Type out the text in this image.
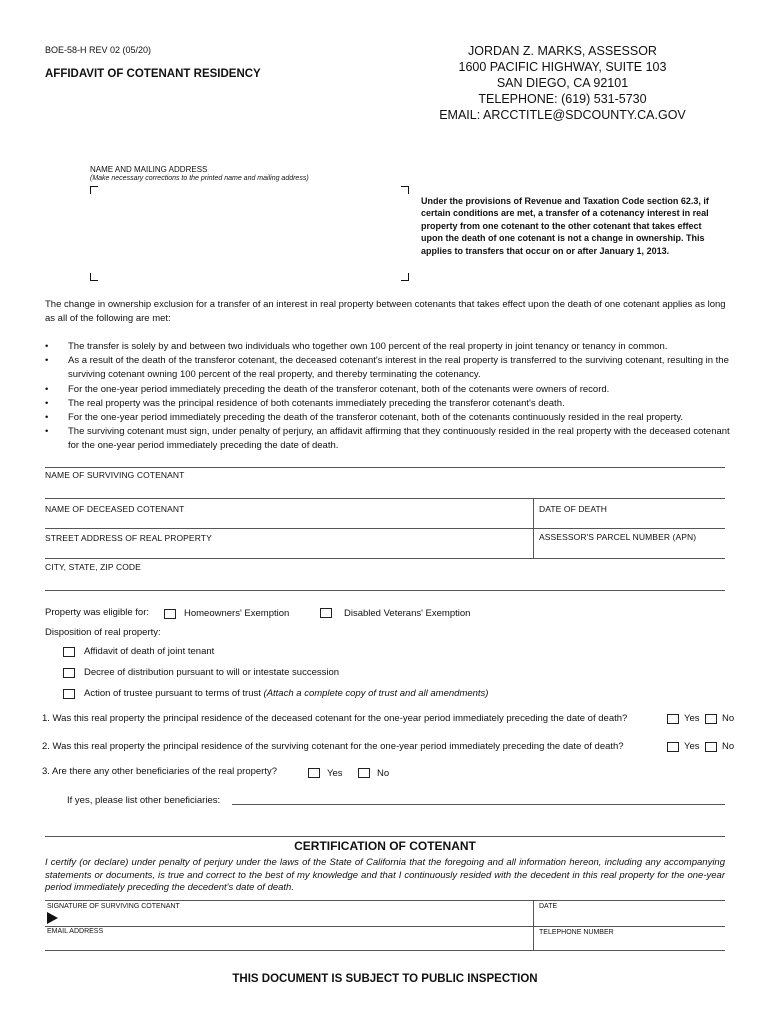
BOE-58-H REV 02 (05/20)
AFFIDAVIT OF COTENANT RESIDENCY
JORDAN Z. MARKS, ASSESSOR
1600 PACIFIC HIGHWAY, SUITE 103
SAN DIEGO, CA 92101
TELEPHONE: (619) 531-5730
EMAIL: ARCCTITLE@SDCOUNTY.CA.GOV
NAME AND MAILING ADDRESS
(Make necessary corrections to the printed name and mailing address)
Under the provisions of Revenue and Taxation Code section 62.3, if certain conditions are met, a transfer of a cotenancy interest in real property from one cotenant to the other cotenant that takes effect upon the death of one cotenant is not a change in ownership. This applies to transfers that occur on or after January 1, 2013.
The change in ownership exclusion for a transfer of an interest in real property between cotenants that takes effect upon the death of one cotenant applies as long as all of the following are met:
• The transfer is solely by and between two individuals who together own 100 percent of the real property in joint tenancy or tenancy in common.
• As a result of the death of the transferor cotenant, the deceased cotenant's interest in the real property is transferred to the surviving cotenant, resulting in the surviving cotenant owning 100 percent of the real property, and thereby terminating the cotenancy.
• For the one-year period immediately preceding the death of the transferor cotenant, both of the cotenants were owners of record.
• The real property was the principal residence of both cotenants immediately preceding the transferor cotenant's death.
• For the one-year period immediately preceding the death of the transferor cotenant, both of the cotenants continuously resided in the real property.
• The surviving cotenant must sign, under penalty of perjury, an affidavit affirming that they continuously resided in the real property with the deceased cotenant for the one-year period immediately preceding the date of death.
NAME OF SURVIVING COTENANT
NAME OF DECEASED COTENANT	DATE OF DEATH
STREET ADDRESS OF REAL PROPERTY	ASSESSOR'S PARCEL NUMBER (APN)
CITY, STATE, ZIP CODE
Property was eligible for:	Homeowners' Exemption	Disabled Veterans' Exemption
Disposition of real property:
Affidavit of death of joint tenant
Decree of distribution pursuant to will or intestate succession
Action of trustee pursuant to terms of trust (Attach a complete copy of trust and all amendments)
1. Was this real property the principal residence of the deceased cotenant for the one-year period immediately preceding the date of death?	Yes No
2. Was this real property the principal residence of the surviving cotenant for the one-year period immediately preceding the date of death?	Yes No
3. Are there any other beneficiaries of the real property?	Yes	No
If yes, please list other beneficiaries:
CERTIFICATION OF COTENANT
I certify (or declare) under penalty of perjury under the laws of the State of California that the foregoing and all information hereon, including any accompanying statements or documents, is true and correct to the best of my knowledge and that I continuously resided with the decedent in this real property for the one-year period immediately preceding the decedent's date of death.
SIGNATURE OF SURVIVING COTENANT	DATE
EMAIL ADDRESS	TELEPHONE NUMBER
THIS DOCUMENT IS SUBJECT TO PUBLIC INSPECTION
